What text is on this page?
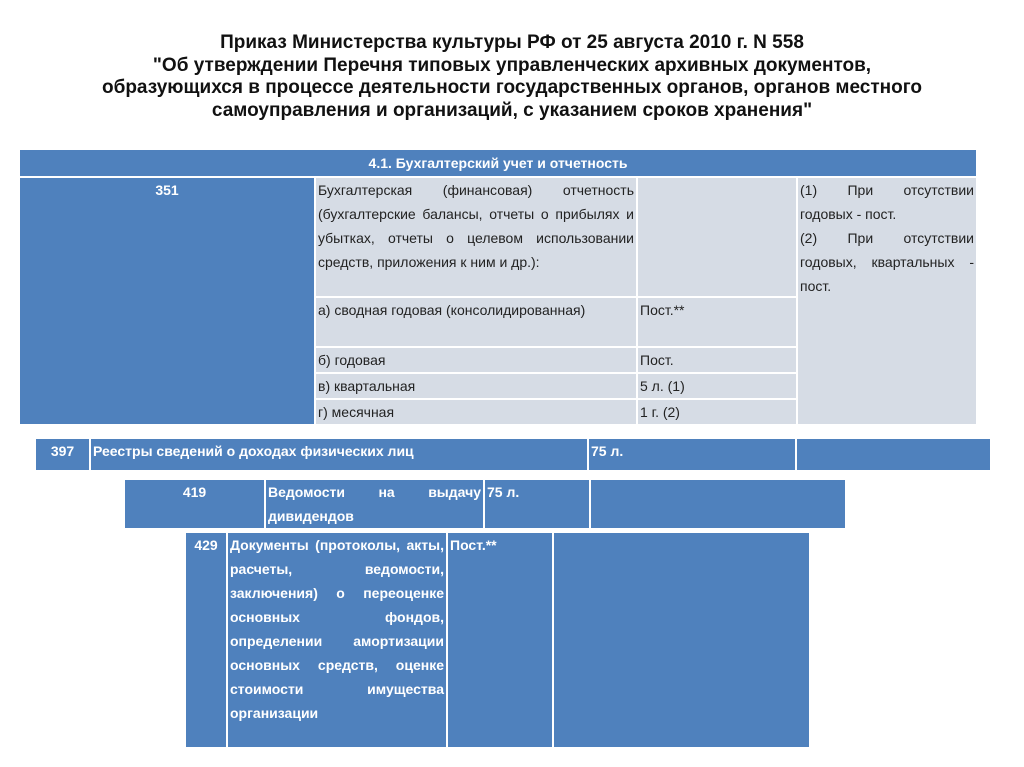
Приказ Министерства культуры РФ от 25 августа 2010 г. N 558
"Об утверждении Перечня типовых управленческих архивных документов,
образующихся в процессе деятельности государственных органов, органов местного
самоуправления и организаций, с указанием сроков хранения"
4.1. Бухгалтерский учет и отчетность			
351	Бухгалтерская (финансовая) отчетность (бухгалтерские балансы, отчеты о прибылях и убытках, отчеты о целевом использовании средств, приложения к ним и др.):		(1) При отсутствии годовых - пост.
(2) При отсутствии годовых, квартальных - пост.
	а) сводная годовая (консолидированная)	Пост.**	
	б) годовая	Пост.	
	в) квартальная	5 л. (1)	
	г) месячная	1 г. (2)	
397	Реестры сведений о доходах физических лиц	75 л.	
419	Ведомости на выдачу дивидендов	75 л.	
429	Документы (протоколы, акты, расчеты, ведомости, заключения) о переоценке основных фондов, определении амортизации основных средств, оценке стоимости имущества организации	Пост.**	
